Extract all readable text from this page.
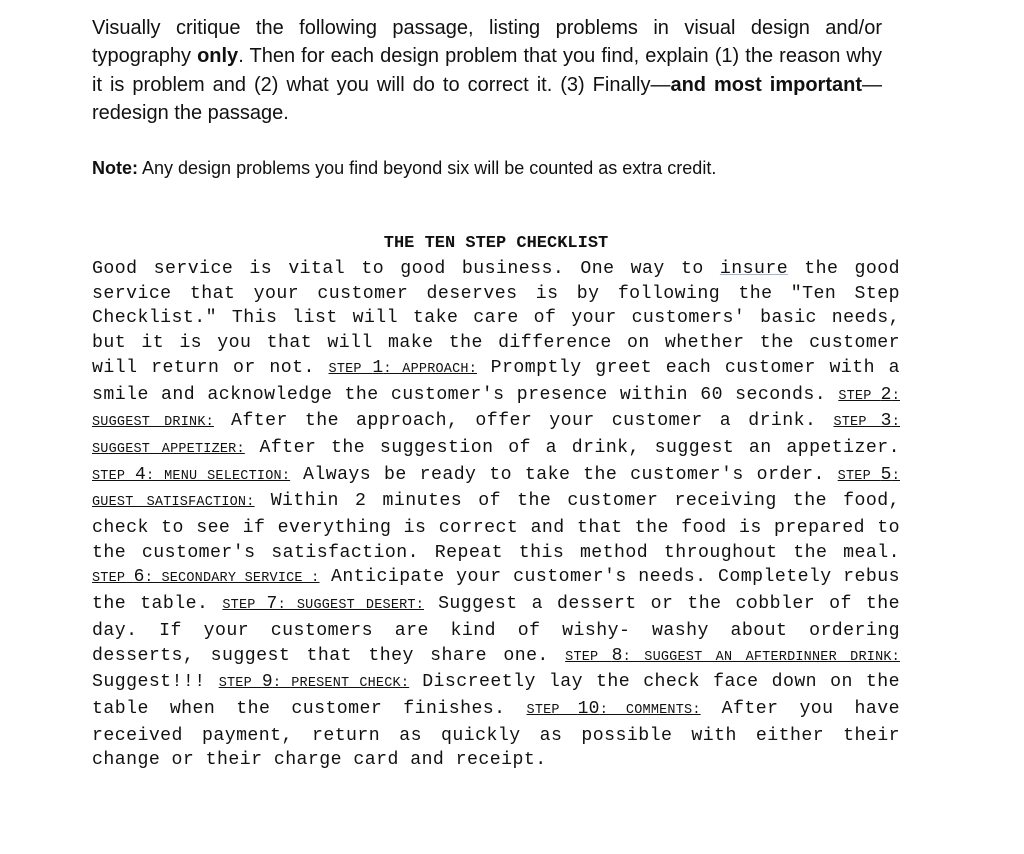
Visually critique the following passage, listing problems in visual design and/or typography only. Then for each design problem that you find, explain (1) the reason why it is problem and (2) what you will do to correct it. (3) Finally—and most important—redesign the passage.

Note: Any design problems you find beyond six will be counted as extra credit.

THE TEN STEP CHECKLIST

Good service is vital to good business. One way to insure the good service that your customer deserves is by following the "Ten Step Checklist." This list will take care of your customers' basic needs, but it is you that will make the difference on whether the customer will return or not. STEP 1: APPROACH: Promptly greet each customer with a smile and acknowledge the customer's presence within 60 seconds. STEP 2: SUGGEST DRINK: After the approach, offer your customer a drink. STEP 3: SUGGEST APPETIZER: After the suggestion of a drink, suggest an appetizer. STEP 4: MENU SELECTION: Always be ready to take the customer's order. STEP 5: GUEST SATISFACTION: Within 2 minutes of the customer receiving the food, check to see if everything is correct and that the food is prepared to the customer's satisfaction. Repeat this method throughout the meal. STEP 6: SECONDARY SERVICE : Anticipate your customer's needs. Completely rebus the table. STEP 7: SUGGEST DESERT: Suggest a dessert or the cobbler of the day. If your customers are kind of wishy- washy about ordering desserts, suggest that they share one. STEP 8: SUGGEST AN AFTERDINNER DRINK: Suggest!!! STEP 9: PRESENT CHECK: Discreetly lay the check face down on the table when the customer finishes. STEP 10: COMMENTS: After you have received payment, return as quickly as possible with either their change or their charge card and receipt.
